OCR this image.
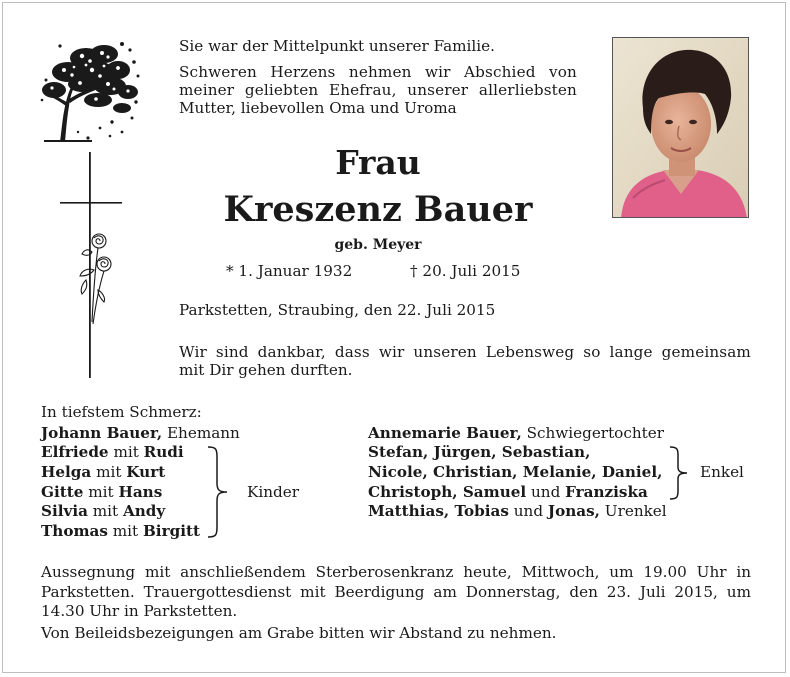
Sie war der Mittelpunkt unserer Familie.
Schweren Herzens nehmen wir Abschied von
meiner geliebten Ehefrau, unserer allerliebsten
Mutter, liebevollen Oma und Uroma
Frau
Kreszenz Bauer
geb. Meyer
* 1. Januar 1932	† 20. Juli 2015
Parkstetten, Straubing, den 22. Juli 2015
Wir sind dankbar, dass wir unseren Lebensweg so lange gemeinsam
mit Dir gehen durften.
In tiefstem Schmerz:
Johann Bauer, Ehemann
Elfriede mit Rudi
Helga mit Kurt
Gitte mit Hans
Silvia mit Andy
Thomas mit Birgitt
Kinder
Annemarie Bauer, Schwiegertochter
Stefan, Jürgen, Sebastian,
Nicole, Christian, Melanie, Daniel,
Christoph, Samuel und Franziska
Enkel
Matthias, Tobias und Jonas, Urenkel
Aussegnung mit anschließendem Sterberosenkranz heute, Mittwoch, um 19.00 Uhr in Parkstetten. Trauergottesdienst mit Beerdigung am Donnerstag, den 23. Juli 2015, um 14.30 Uhr in Parkstetten.
Von Beileidsbezeigungen am Grabe bitten wir Abstand zu nehmen.
